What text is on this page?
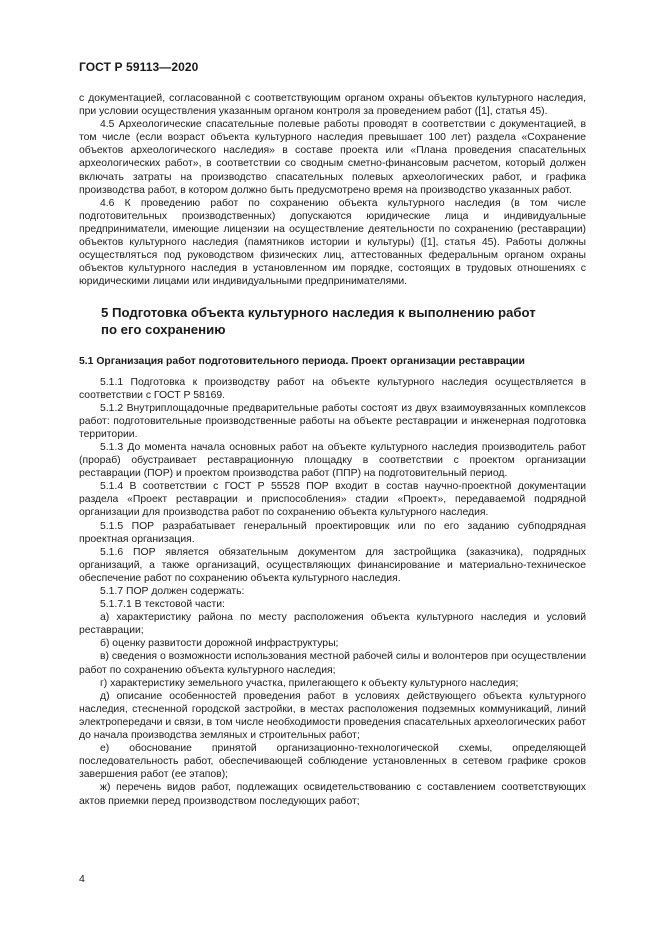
ГОСТ Р 59113—2020

с документацией, согласованной с соответствующим органом охраны объектов культурного наследия, при условии осуществления указанным органом контроля за проведением работ ([1], статья 45).

4.5 Археологические спасательные полевые работы проводят в соответствии с документацией, в том числе (если возраст объекта культурного наследия превышает 100 лет) раздела «Сохранение объектов археологического наследия» в составе проекта или «Плана проведения спасательных археологических работ», в соответствии со сводным сметно-финансовым расчетом, который должен включать затраты на производство спасательных полевых археологических работ, и графика производства работ, в котором должно быть предусмотрено время на производство указанных работ.

4.6 К проведению работ по сохранению объекта культурного наследия (в том числе подготовительных производственных) допускаются юридические лица и индивидуальные предприниматели, имеющие лицензии на осуществление деятельности по сохранению (реставрации) объектов культурного наследия (памятников истории и культуры) ([1], статья 45). Работы должны осуществляться под руководством физических лиц, аттестованных федеральным органом охраны объектов культурного наследия в установленном им порядке, состоящих в трудовых отношениях с юридическими лицами или индивидуальными предпринимателями.

5 Подготовка объекта культурного наследия к выполнению работ
по его сохранению

5.1 Организация работ подготовительного периода. Проект организации реставрации

5.1.1 Подготовка к производству работ на объекте культурного наследия осуществляется в соответствии с ГОСТ Р 58169.

5.1.2 Внутриплощадочные предварительные работы состоят из двух взаимоувязанных комплексов работ: подготовительные производственные работы на объекте реставрации и инженерная подготовка территории.

5.1.3 До момента начала основных работ на объекте культурного наследия производитель работ (прораб) обустраивает реставрационную площадку в соответствии с проектом организации реставрации (ПОР) и проектом производства работ (ППР) на подготовительный период.

5.1.4 В соответствии с ГОСТ Р 55528 ПОР входит в состав научно-проектной документации раздела «Проект реставрации и приспособления» стадии «Проект», передаваемой подрядной организации для производства работ по сохранению объекта культурного наследия.

5.1.5 ПОР разрабатывает генеральный проектировщик или по его заданию субподрядная проектная организация.

5.1.6 ПОР является обязательным документом для застройщика (заказчика), подрядных организаций, а также организаций, осуществляющих финансирование и материально-техническое обеспечение работ по сохранению объекта культурного наследия.

5.1.7 ПОР должен содержать:

5.1.7.1 В текстовой части:

а) характеристику района по месту расположения объекта культурного наследия и условий реставрации;

б) оценку развитости дорожной инфраструктуры;

в) сведения о возможности использования местной рабочей силы и волонтеров при осуществлении работ по сохранению объекта культурного наследия;

г) характеристику земельного участка, прилегающего к объекту культурного наследия;

д) описание особенностей проведения работ в условиях действующего объекта культурного наследия, стесненной городской застройки, в местах расположения подземных коммуникаций, линий электропередачи и связи, в том числе необходимости проведения спасательных археологических работ до начала производства земляных и строительных работ;

е) обоснование принятой организационно-технологической схемы, определяющей последовательность работ, обеспечивающей соблюдение установленных в сетевом графике сроков завершения работ (ее этапов);

ж) перечень видов работ, подлежащих освидетельствованию с составлением соответствующих актов приемки перед производством последующих работ;

4
